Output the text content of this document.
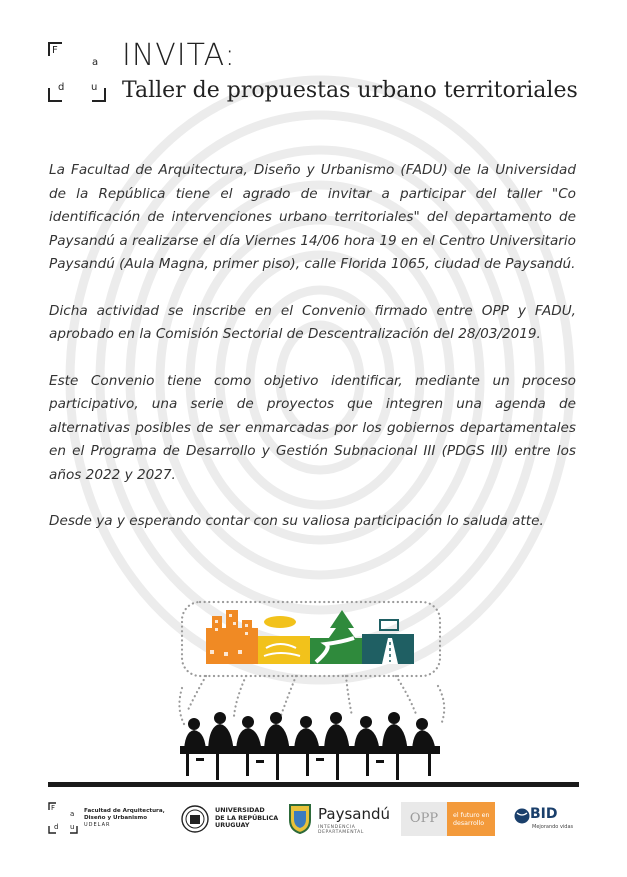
F
a
d	u
INVITA:
Taller de propuestas urbano territoriales

La Facultad de Arquitectura, Diseño y Urbanismo (FADU) de la Universidad de la República tiene el agrado de invitar a participar del taller "Co identificación de intervenciones urbano territoriales" del departamento de Paysandú a realizarse el día Viernes 14/06 hora 19 en el Centro Universitario Paysandú (Aula Magna, primer piso), calle Florida 1065, ciudad de Paysandú.

Dicha actividad se inscribe en el Convenio firmado entre OPP y FADU, aprobado en la Comisión Sectorial de Descentralización del 28/03/2019.

Este Convenio tiene como objetivo identificar, mediante un proceso participativo, una serie de proyectos que integren una agenda de alternativas posibles de ser enmarcadas por los gobiernos departamentales en el Programa de Desarrollo y Gestión Subnacional III (PDGS III) entre los años 2022 y 2027.

Desde ya y esperando contar con su valiosa participación lo saluda atte.

F
a
d u
Facultad de Arquitectura,
Diseño y Urbanismo
UDELAR
UNIVERSIDAD
DE LA REPÚBLICA
URUGUAY
Paysandú
INTENDENCIA DEPARTAMENTAL
OPP	el futuro en
desarrollo
BID
Mejorando vidas
